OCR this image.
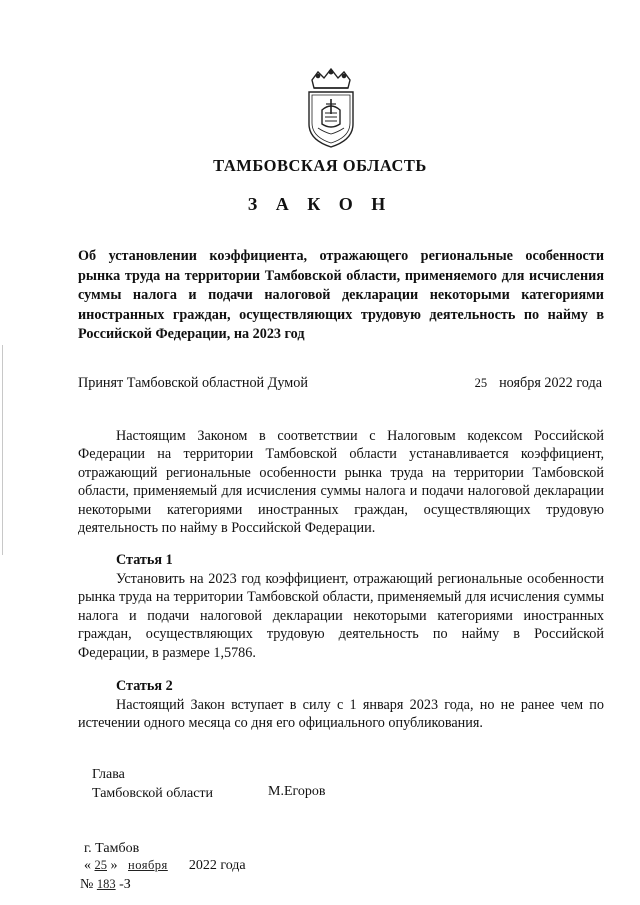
ТАМБОВСКАЯ ОБЛАСТЬ
З А К О Н
Об установлении коэффициента, отражающего региональные особенности рынка труда на территории Тамбовской области, применяемого для исчисления суммы налога и подачи налоговой декларации некоторыми категориями иностранных граждан, осуществляющих трудовую деятельность по найму в Российской Федерации, на 2023 год
Принят Тамбовской областной Думой	25 ноября 2022 года

Настоящим Законом в соответствии с Налоговым кодексом Российской Федерации на территории Тамбовской области устанавливается коэффициент, отражающий региональные особенности рынка труда на территории Тамбовской области, применяемый для исчисления суммы налога и подачи налоговой декларации некоторыми категориями иностранных граждан, осуществляющих трудовую деятельность по найму в Российской Федерации.

Статья 1

Установить на 2023 год коэффициент, отражающий региональные особенности рынка труда на территории Тамбовской области, применяемый для исчисления суммы налога и подачи налоговой декларации некоторыми категориями иностранных граждан, осуществляющих трудовую деятельность по найму в Российской Федерации, в размере 1,5786.

Статья 2

Настоящий Закон вступает в силу с 1 января 2023 года, но не ранее чем по истечении одного месяца со дня его официального опубликования.

Глава
Тамбовской области	М.Егоров
г. Тамбов
« 25 » ноября 2022 года
№ 183 -З
